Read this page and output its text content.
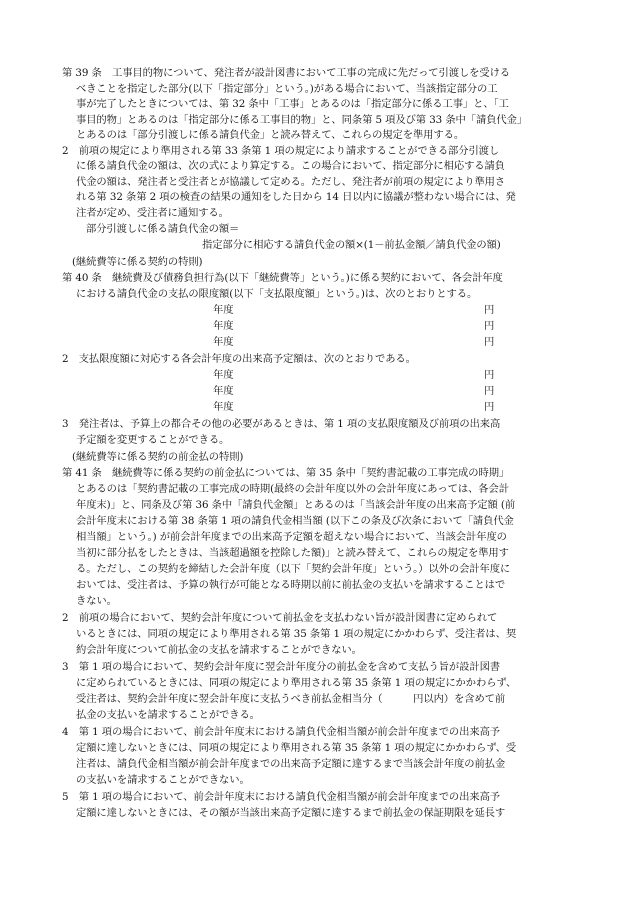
第 39 条　工事目的物について、発注者が設計図書において工事の完成に先だって引渡しを受ける
べきことを指定した部分(以下「指定部分」という。)がある場合において、当該指定部分の工
事が完了したときについては、第 32 条中「工事」とあるのは「指定部分に係る工事」と、「工
事目的物」とあるのは「指定部分に係る工事目的物」と、同条第 5 項及び第 33 条中「請負代金」
とあるのは「部分引渡しに係る請負代金」と読み替えて、これらの規定を準用する。
2　前項の規定により準用される第 33 条第 1 項の規定により請求することができる部分引渡し
に係る請負代金の額は、次の式により算定する。この場合において、指定部分に相応する請負
代金の額は、発注者と受注者とが協議して定める。ただし、発注者が前項の規定により準用さ
れる第 32 条第 2 項の検査の結果の通知をした日から 14 日以内に協議が整わない場合には、発
注者が定め、受注者に通知する。
部分引渡しに係る請負代金の額＝
指定部分に相応する請負代金の額×(1－前払金額／請負代金の額)
(継続費等に係る契約の特則)
第 40 条　継続費及び債務負担行為(以下「継続費等」という。)に係る契約において、各会計年度
における請負代金の支払の限度額(以下「支払限度額」という。)は、次のとおりとする。
年度	円
年度	円
年度	円
2　支払限度額に対応する各会計年度の出来高予定額は、次のとおりである。
年度	円
年度	円
年度	円
3　発注者は、予算上の都合その他の必要があるときは、第 1 項の支払限度額及び前項の出来高
予定額を変更することができる。
(継続費等に係る契約の前金払の特則)
第 41 条　継続費等に係る契約の前金払については、第 35 条中「契約書記載の工事完成の時期」
とあるのは「契約書記載の工事完成の時期(最終の会計年度以外の会計年度にあっては、各会計
年度末)」と、同条及び第 36 条中「請負代金額」とあるのは「当該会計年度の出来高予定額 (前
会計年度末における第 38 条第 1 項の請負代金相当額 (以下この条及び次条において「請負代金
相当額」という。) が前会計年度までの出来高予定額を超えない場合において、当該会計年度の
当初に部分払をしたときは、当該超過額を控除した額)」と読み替えて、これらの規定を準用す
る。ただし、この契約を締結した会計年度（以下「契約会計年度」という。）以外の会計年度に
おいては、受注者は、予算の執行が可能となる時期以前に前払金の支払いを請求することはで
きない。
2　前項の場合において、契約会計年度について前払金を支払わない旨が設計図書に定められて
いるときには、同項の規定により準用される第 35 条第 1 項の規定にかかわらず、受注者は、契
約会計年度について前払金の支払を請求することができない。
3　第 1 項の場合において、契約会計年度に翌会計年度分の前払金を含めて支払う旨が設計図書
に定められているときには、同項の規定により準用される第 35 条第 1 項の規定にかかわらず、
受注者は、契約会計年度に翌会計年度に支払うべき前払金相当分（　　　円以内）を含めて前
払金の支払いを請求することができる。
4　第 1 項の場合において、前会計年度末における請負代金相当額が前会計年度までの出来高予
定額に達しないときには、同項の規定により準用される第 35 条第 1 項の規定にかかわらず、受
注者は、請負代金相当額が前会計年度までの出来高予定額に達するまで当該会計年度の前払金
の支払いを請求することができない。
5　第 1 項の場合において、前会計年度末における請負代金相当額が前会計年度までの出来高予
定額に達しないときには、その額が当該出来高予定額に達するまで前払金の保証期限を延長す
